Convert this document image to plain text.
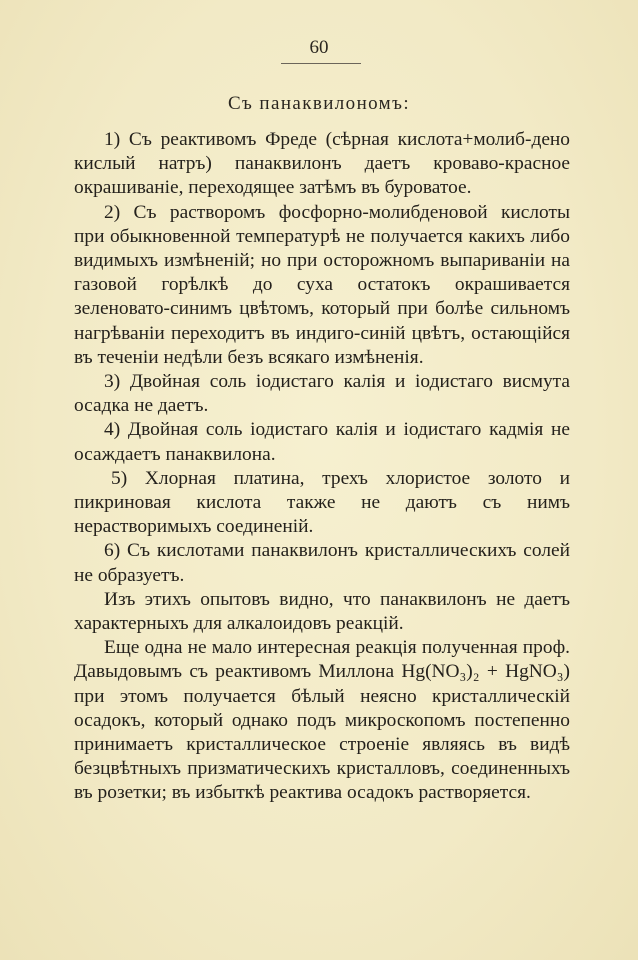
60
Съ панаквилономъ:

1) Съ реактивомъ Фреде (сѣрная кислота+молиб-дено кислый натръ) панаквилонъ даетъ кроваво-красное окрашиваніе, переходящее затѣмъ въ буроватое.

2) Съ растворомъ фосфорно-молибденовой кислоты при обыкновенной температурѣ не получается какихъ либо видимыхъ измѣненій; но при осторожномъ выпариваніи на газовой горѣлкѣ до суха остатокъ окрашивается зеленовато-синимъ цвѣтомъ, который при болѣе сильномъ нагрѣваніи переходитъ въ индиго-синій цвѣтъ, остающійся въ теченіи недѣли безъ всякаго измѣненія.

3) Двойная соль іодистаго калія и іодистаго висмута осадка не даетъ.

4) Двойная соль іодистаго калія и іодистаго кадмія не осаждаетъ панаквилона.

5) Хлорная платина, трехъ хлористое золото и пикриновая кислота также не даютъ съ нимъ нерастворимыхъ соединеній.

6) Съ кислотами панаквилонъ кристаллическихъ солей не образуетъ.

Изъ этихъ опытовъ видно, что панаквилонъ не даетъ характерныхъ для алкалоидовъ реакцій.

Еще одна не мало интересная реакція полученная проф. Давыдовымъ съ реактивомъ Миллона Hg(NO₃)₂ + HgNO₃) при этомъ получается бѣлый неясно кристаллическій осадокъ, который однако подъ микроскопомъ постепенно принимаетъ кристаллическое строеніе являясь въ видѣ безцвѣтныхъ призматическихъ кристалловъ, соединенныхъ въ розетки; въ избыткѣ реактива осадокъ растворяется.
